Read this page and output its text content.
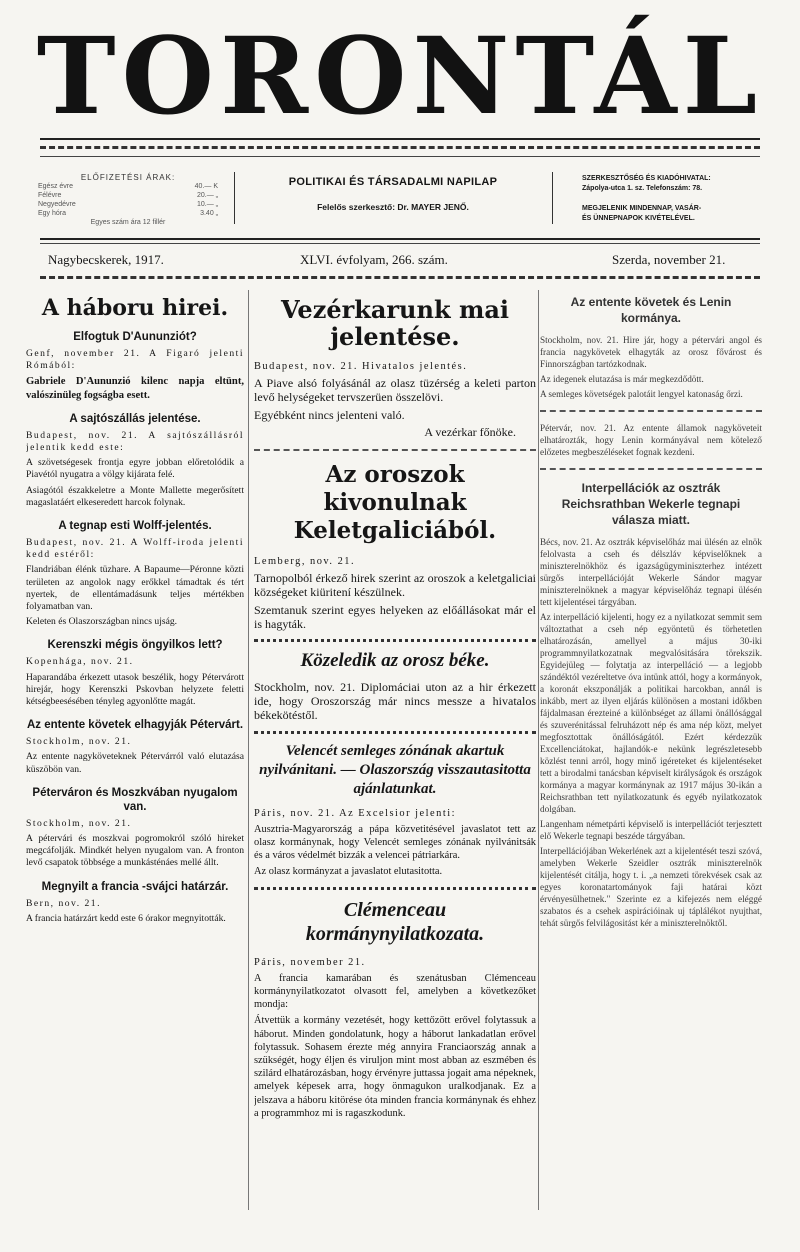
TORONTÁL
ELŐFIZETÉSI ÁRAK:
Egész évre	40.— K
Félévre	20.— „
Negyedévre	10.— „
Egy hóra	3.40 „
Egyes szám ára 12 fillér
POLITIKAI ÉS TÁRSADALMI NAPILAP
Felelős szerkesztő: Dr. MAYER JENŐ.
SZERKESZTŐSÉG ÉS KIADÓHIVATAL:
Zápolya-utca 1. sz. Telefonszám: 78.
MEGJELENIK MINDENNAP, VASÁR-
ÉS ÜNNEPNAPOK KIVÉTELÉVEL.
Nagybecskerek, 1917.	XLVI. évfolyam, 266. szám.	Szerda, november 21.
A háboru hirei.
Elfogtuk D'Aununziót?

Genf, november 21. A Figaró jelenti Rómából:

Gabriele D'Aununzió kilenc napja eltünt, valószinüleg fogságba esett.

A sajtószállás jelentése.

Budapest, nov. 21. A sajtószállásról jelentik kedd este:

A szövetségesek frontja egyre jobban előretolódik a Piavétól nyugatra a völgy kijárata felé.

Asiagótól északkeletre a Monte Mallette megerősített magaslatáért elkeseredett harcok folynak.

A tegnap esti Wolff-jelentés.

Budapest, nov. 21. A Wolff-iroda jelenti kedd estéről:

Flandriában élénk tüzhare. A Bapaume—Péronne közti területen az angolok nagy erőkkel támadtak és tért nyertek, de ellentámadásunk teljes mértékben folyamatban van.

Keleten és Olaszországban nincs ujság.

Kerenszki mégis öngyilkos lett?

Kopenhága, nov. 21.

Haparandába érkezett utasok beszélik, hogy Pétervárott hirejár, hogy Kerenszki Pskovban helyzete feletti kétségbeesésében tényleg agyonlőtte magát.

Az entente követek elhagyják Pétervárt.

Stockholm, nov. 21.

Az entente nagyköveteknek Pétervárról való elutazása küszöbön van.

Péterváron és Moszkvában nyugalom van.

Stockholm, nov. 21.

A pétervári és moszkvai pogromokról szóló hireket megcáfolják. Mindkét helyen nyugalom van. A fronton levő csapatok többsége a munkásténáes mellé állt.

Megnyilt a francia -svájci határzár.

Bern, nov. 21.

A francia határzárt kedd este 6 órakor megnyitották.

Vezérkarunk mai jelentése.

Budapest, nov. 21. Hivatalos jelentés.

A Piave alsó folyásánál az olasz tüzérség a keleti parton levő helységeket tervszerüen összelövi.

Egyébként nincs jelenteni való.

A vezérkar főnöke.

Az oroszok kivonulnak Keletgaliciából.

Lemberg, nov. 21.

Tarnopolból érkező hirek szerint az oroszok a keletgaliciai községeket kiüritení készülnek.

Szemtanuk szerint egyes helyeken az előállásokat már el is hagyták.

Közeledik az orosz béke.

Stockholm, nov. 21. Diplomáciai uton az a hir érkezett ide, hogy Oroszország már nincs messze a hivatalos békekötéstől.

Velencét semleges zónának akartuk nyilvánitani. — Olaszország visszautasitotta ajánlatunkat.

Páris, nov. 21. Az Excelsior jelenti:

Ausztria-Magyarország a pápa közvetitésével javaslatot tett az olasz kormánynak, hogy Velencét semleges zónának nyilvánitsák és a város védelmét bizzák a velencei pátriarkára.

Az olasz kormányzat a javaslatot elutasitotta.

Clémenceau kormánynyilatkozata.

Páris, november 21.

A francia kamarában és szenátusban Clémenceau kormánynyilatkozatot olvasott fel, amelyben a következőket mondja:

Átvettük a kormány vezetését, hogy kettőzött erővel folytassuk a háborut. Minden gondolatunk, hogy a háborut lankadatlan erővel folytassuk. Sohasem érezte még annyira Franciaország annak a szükségét, hogy éljen és viruljon mint most abban az eszmében és szilárd elhatározásban, hogy érvényre juttassa jogait ama népeknek, amelyek képesek arra, hogy önmagukon uralkodjanak. Ez a jelszava a háboru kitörése óta minden francia kormánynak és ehhez a programmhoz mi is ragaszkodunk.

Az entente követek és Lenin kormánya.

Stockholm, nov. 21. Hire jár, hogy a pétervári angol és francia nagykövetek elhagyták az orosz fővárost és Finnországban tartózkodnak.

Az idegenek elutazása is már megkezdődött.

A semleges követségek palotáit lengyel katonaság őrzi.

Pétervár, nov. 21. Az entente államok nagyköveteit elhatározták, hogy Lenin kormányával nem kötelező előzetes megbeszéléseket fognak kezdeni.

Interpellációk az osztrák Reichsrathban Wekerle tegnapi válasza miatt.

Bécs, nov. 21. Az osztrák képviselőház mai ülésén az elnök felolvasta a cseh és délszláv képviselőknek a miniszterelnökhöz és igazságügyminiszterhez intézett sürgős interpellációját Wekerle Sándor magyar miniszterelnöknek a magyar képviselőház tegnapi ülésén tett kijelentései tárgyában.

Az interpelláció kijelenti, hogy ez a nyilatkozat semmit sem változtathat a cseh nép egyöntetü és törhetetlen elhatározásán, amellyel a május 30-iki programmnyilatkozatnak megvalósitására törekszik. Egyidejüleg — folytatja az interpelláció — a legjobb szándéktól vezéreltetve óva intünk attól, hogy a kormányok, a koronát ekszponálják a politikai harcokban, annál is inkább, mert az ilyen eljárás különösen a mostani időkben fájdalmasan érezteiné a különbséget az állami önállósággal és szuverénitással felruházott nép és ama nép közt, melyet megfosztottak önállóságától. Ezért kérdezzük Excellenciátokat, hajlandók-e nekünk legrészletesebb közlést tenni arról, hogy minő igéreteket és kijelentéseket tett a birodalmi tanácsban képviselt királyságok és országok kormánya a magyar kormánynak az 1917 május 30-ikán a Reichsrathban tett nyilatkozatunk és egyéb nyilatkozatok dolgában.

Langenham németpárti képviselő is interpellációt terjesztett elő Wekerle tegnapi beszéde tárgyában.

Interpellációjában Wekerlének azt a kijelentését teszi szóvá, amelyben Wekerle Szeidler osztrák miniszterelnök kijelentését citálja, hogy t. i. „a nemzeti törekvések csak az egyes koronatartományok faji határai közt érvényesülhetnek." Szerinte ez a kifejezés nem eléggé szabatos és a csehek aspirációinak uj táplálékot nyujthat, tehát sürgős felvilágositást kér a miniszterelnöktől.
